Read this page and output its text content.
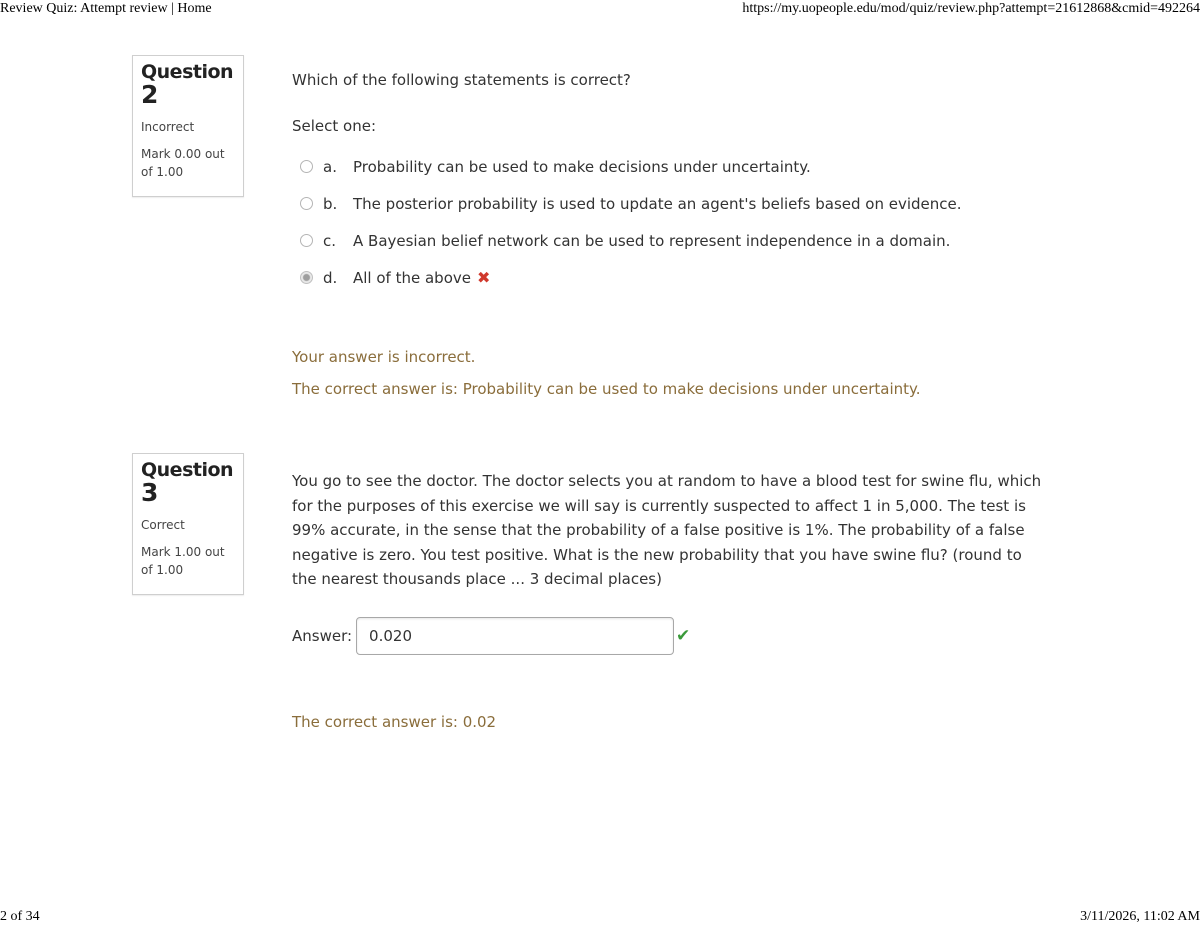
Review Quiz: Attempt review | Home	https://my.uopeople.edu/mod/quiz/review.php?attempt=21612868&cmid=492264
Question
2
Incorrect
Mark 0.00 out
of 1.00
Which of the following statements is correct?
Select one:
a.	Probability can be used to make decisions under uncertainty.
b.	The posterior probability is used to update an agent's beliefs based on evidence.
c.	A Bayesian belief network can be used to represent independence in a domain.
d.	All of the above ✖
Your answer is incorrect.
The correct answer is: Probability can be used to make decisions under uncertainty.
Question
3
Correct
Mark 1.00 out
of 1.00
You go to see the doctor. The doctor selects you at random to have a blood test for swine flu, which
for the purposes of this exercise we will say is currently suspected to affect 1 in 5,000. The test is
99% accurate, in the sense that the probability of a false positive is 1%. The probability of a false
negative is zero. You test positive. What is the new probability that you have swine flu? (round to
the nearest thousands place ... 3 decimal places)
Answer:	0.020	✔
The correct answer is: 0.02
2 of 34	3/11/2026, 11:02 AM
